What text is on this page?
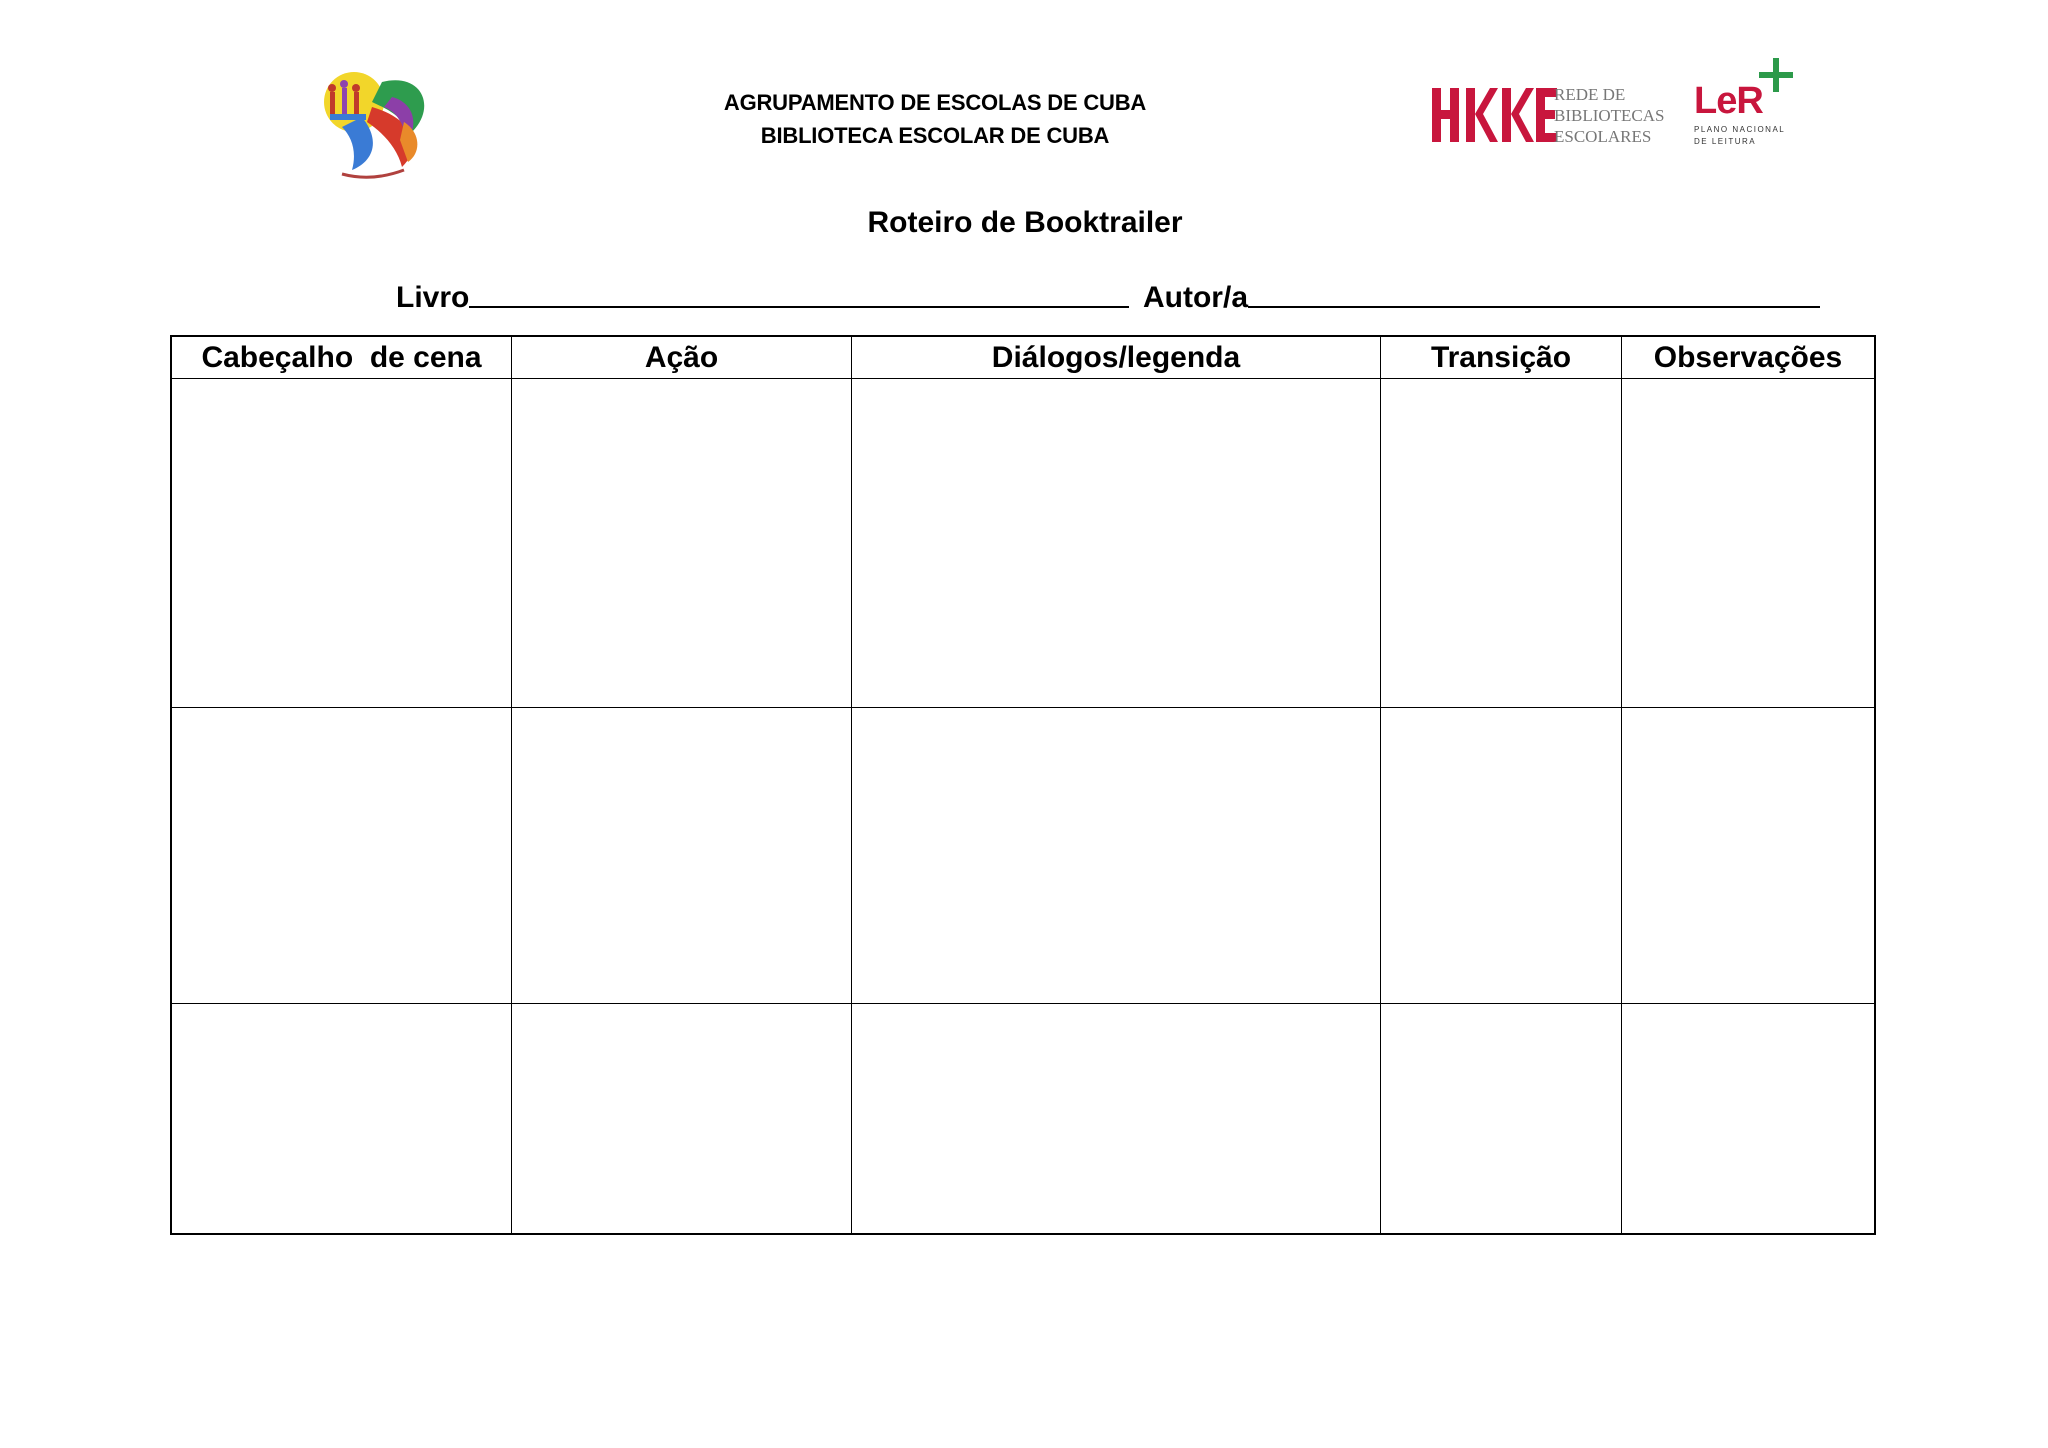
AGRUPAMENTO DE ESCOLAS DE CUBA
BIBLIOTECA ESCOLAR DE CUBA
REDE DE
BIBLIOTECAS
ESCOLARES
LeR
PLANO NACIONAL
DE LEITURA
Roteiro de Booktrailer
Livro	Autor/a
Cabeçalho  de cena	Ação	Diálogos/legenda	Transição	Observações
